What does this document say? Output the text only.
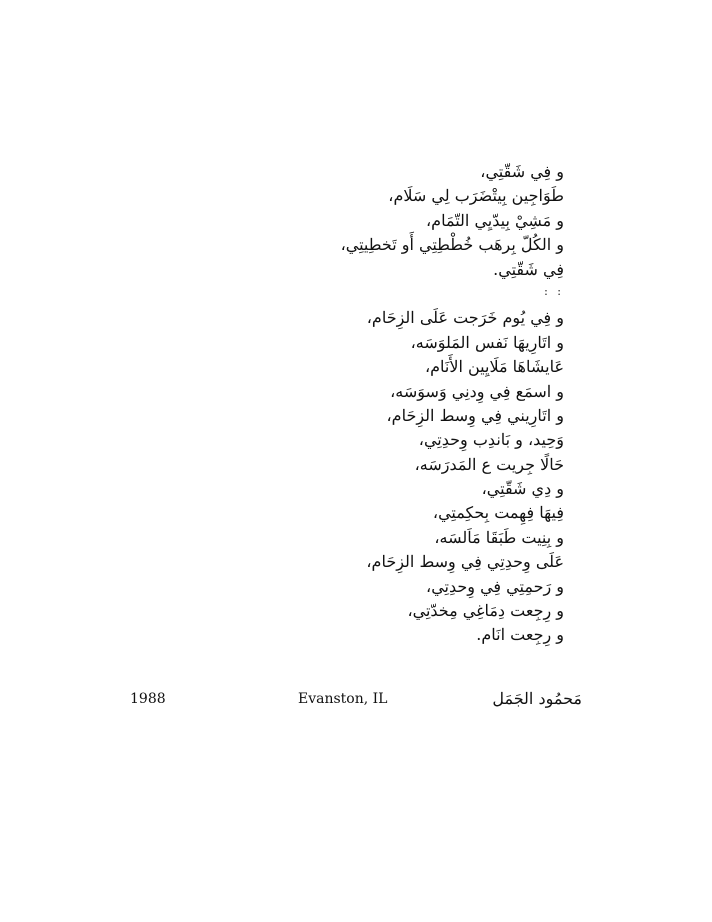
و فِي شَقّتِي،
طَوَاجِين بِيتْضَرَب لِي سَلَام،
و مَشِيْ بِيدّيِي التّمَام،
و الكُلّ بِرهَب خُطْطِتِي أَو تَخطِيتِي،
فِي شَقّتِي.
: :
و فِي يُوم خَرَجت عَلَى الزِحَام،
و اتَارِيهَا نَفس المَلوَسَه،
عَايشَاهَا مَلَايِين الأَنَام،
و اسمَع فِي وِدنِي وَسوَسَه،
و اتَارِيني فِي وِسط الزِحَام،
وَحِيد، و بَاندِب وِحدِتِي،
حَالًا جِريت ع المَدرَسَه،
و دِي شَقّتِي،
فِيهَا فِهِمت بِحكِمتِي،
و بِنِيت طَبَقَا مَاَلسَه،
عَلَى وِحدِتِي فِي وِسط الزِحَام،
و رَحمِتِي فِي وِحدِتِي،
و رِجِعت دِمَاغِي مِخدّتِي،
و رِجِعت انَام.
1988	Evanston, IL	مَحمُود الجَمَل
